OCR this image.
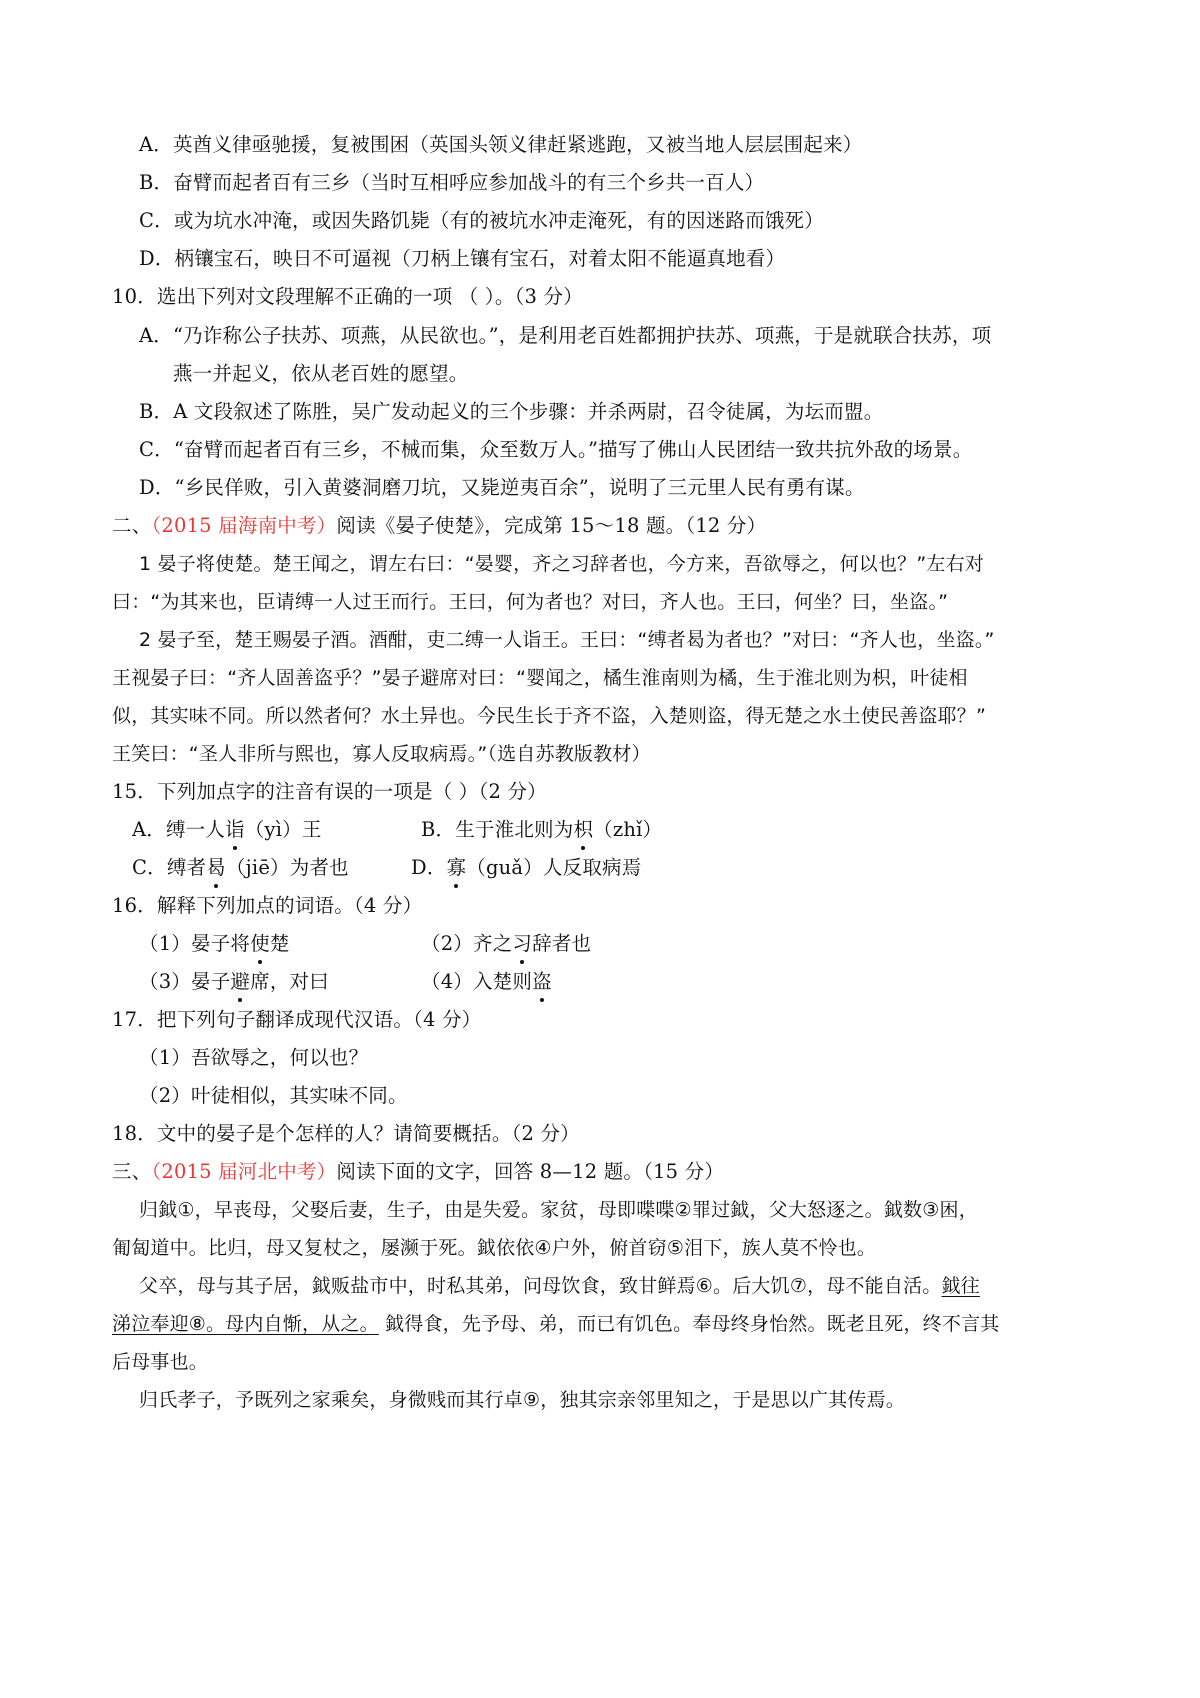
A．英酋义律亟驰援，复被围困（英国头领义律赶紧逃跑，又被当地人层层围起来）
B．奋臂而起者百有三乡（当时互相呼应参加战斗的有三个乡共一百人）
C．或为坑水冲淹，或因失路饥毙（有的被坑水冲走淹死，有的因迷路而饿死）
D．柄镶宝石，映日不可逼视（刀柄上镶有宝石，对着太阳不能逼真地看）
10．选出下列对文段理解不正确的一项 （ ）。（3 分）
A．“乃诈称公子扶苏、项燕，从民欲也。”，是利用老百姓都拥护扶苏、项燕，于是就联合扶苏，项
燕一并起义，依从老百姓的愿望。
B．A 文段叙述了陈胜，吴广发动起义的三个步骤：并杀两尉，召令徒属，为坛而盟。
C．“奋臂而起者百有三乡，不械而集，众至数万人。”描写了佛山人民团结一致共抗外敌的场景。
D．“乡民佯败，引入黄婆洞磨刀坑，又毙逆夷百余”，说明了三元里人民有勇有谋。
二、（2015 届海南中考）阅读《晏子使楚》，完成第 15～18 题。（12 分）
1 晏子将使楚。楚王闻之，谓左右曰：“晏婴，齐之习辞者也，今方来，吾欲辱之，何以也？”左右对
曰：“为其来也，臣请缚一人过王而行。王曰，何为者也？对曰，齐人也。王曰，何坐？曰，坐盗。”
2 晏子至，楚王赐晏子酒。酒酣，吏二缚一人诣王。王曰：“缚者曷为者也？”对曰：“齐人也，坐盗。”
王视晏子曰：“齐人固善盗乎？”晏子避席对曰：“婴闻之，橘生淮南则为橘，生于淮北则为枳，叶徒相
似，其实味不同。所以然者何？水土异也。今民生长于齐不盗，入楚则盗，得无楚之水土使民善盗耶？”
王笑曰：“圣人非所与熙也，寡人反取病焉。”（选自苏教版教材）
15．下列加点字的注音有误的一项是（ ）（2 分）
A．缚一人诣（yì）王	B．生于淮北则为枳（zhǐ）
C．缚者曷（jiē）为者也	D．寡（guǎ）人反取病焉
16．解释下列加点的词语。（4 分）
（1）晏子将使楚	（2）齐之习辞者也
（3）晏子避席，对曰	（4）入楚则盗
17．把下列句子翻译成现代汉语。（4 分）
（1）吾欲辱之，何以也？
（2）叶徒相似，其实味不同。
18．文中的晏子是个怎样的人？请简要概括。（2 分）
三、（2015 届河北中考）阅读下面的文字，回答 8—12 题。（15 分）
归鉞①，早丧母，父娶后妻，生子，由是失爱。家贫，母即喋喋②罪过鉞，父大怒逐之。鉞数③困，
匍匐道中。比归，母又复杖之，屡濒于死。鉞依依④户外，俯首窃⑤泪下，族人莫不怜也。
父卒，母与其子居，鉞贩盐市中，时私其弟，问母饮食，致甘鲜焉⑥。后大饥⑦，母不能自活。鉞往
涕泣奉迎⑧。母内自惭，从之。 鉞得食，先予母、弟，而已有饥色。奉母终身怡然。既老且死，终不言其
后母事也。
归氏孝子，予既列之家乘矣，身微贱而其行卓⑨，独其宗亲邻里知之，于是思以广其传焉。
